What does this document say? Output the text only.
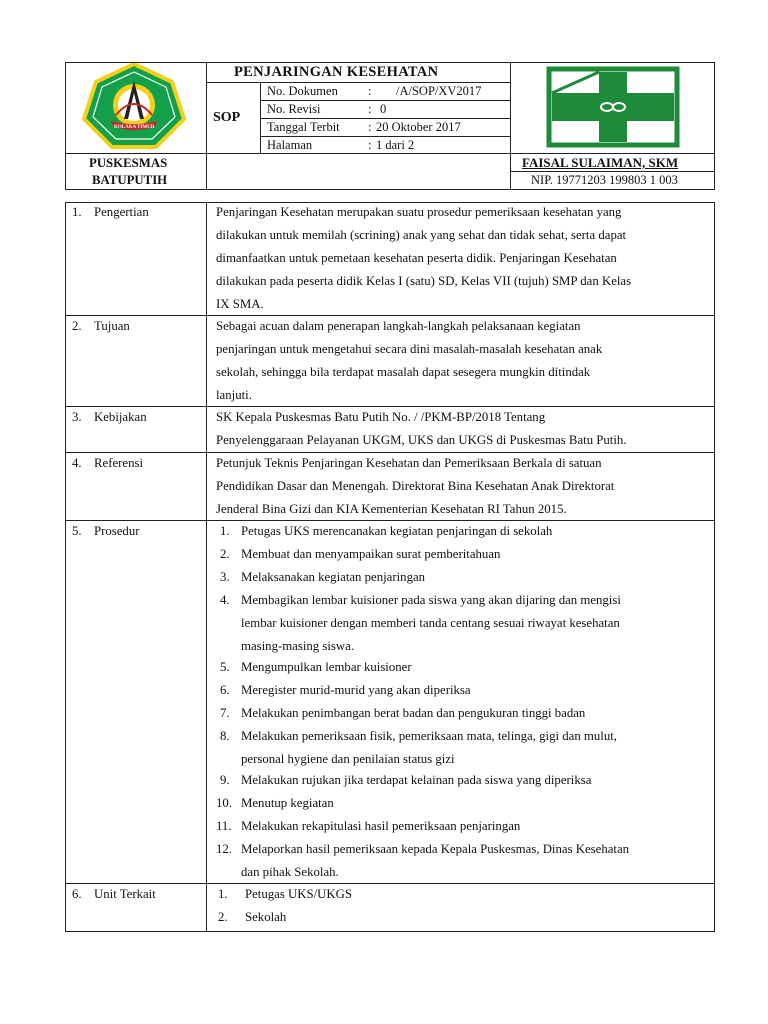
KOLAKA TIMUR
PENJARINGAN KESEHATAN
SOP
No. Dokumen : /A/SOP/XV2017
No. Revisi	: 0
Tanggal Terbit : 20 Oktober 2017
Halaman	: 1 dari 2
PUSKESMAS
BATUPUTIH
FAISAL SULAIMAN, SKM
NIP. 19771203 199803 1 003
1. Pengertian	Penjaringan Kesehatan merupakan suatu prosedur pemeriksaan kesehatan yang
dilakukan untuk memilah (scrining) anak yang sehat dan tidak sehat, serta dapat
dimanfaatkan untuk pemetaan kesehatan peserta didik. Penjaringan Kesehatan
dilakukan pada peserta didik Kelas I (satu) SD, Kelas VII (tujuh) SMP dan Kelas
IX SMA.
2. Tujuan	Sebagai acuan dalam penerapan langkah-langkah pelaksanaan kegiatan
penjaringan untuk mengetahui secara dini masalah-masalah kesehatan anak
sekolah, sehingga bila terdapat masalah dapat sesegera mungkin ditindak
lanjuti.
3. Kebijakan	SK Kepala Puskesmas Batu Putih No. / /PKM-BP/2018 Tentang
Penyelenggaraan Pelayanan UKGM, UKS dan UKGS di Puskesmas Batu Putih.
4. Referensi	Petunjuk Teknis Penjaringan Kesehatan dan Pemeriksaan Berkala di satuan
Pendidikan Dasar dan Menengah. Direktorat Bina Kesehatan Anak Direktorat
Jenderal Bina Gizi dan KIA Kementerian Kesehatan RI Tahun 2015.
5. Prosedur	1. Petugas UKS merencanakan kegiatan penjaringan di sekolah
2. Membuat dan menyampaikan surat pemberitahuan
3. Melaksanakan kegiatan penjaringan
4. Membagikan lembar kuisioner pada siswa yang akan dijaring dan mengisi
lembar kuisioner dengan memberi tanda centang sesuai riwayat kesehatan
masing-masing siswa.
5. Mengumpulkan lembar kuisioner
6. Meregister murid-murid yang akan diperiksa
7. Melakukan penimbangan berat badan dan pengukuran tinggi badan
8. Melakukan pemeriksaan fisik, pemeriksaan mata, telinga, gigi dan mulut,
personal hygiene dan penilaian status gizi
9. Melakukan rujukan jika terdapat kelainan pada siswa yang diperiksa
10. Menutup kegiatan
11. Melakukan rekapitulasi hasil pemeriksaan penjaringan
12. Melaporkan hasil pemeriksaan kepada Kepala Puskesmas, Dinas Kesehatan
dan pihak Sekolah.
6. Unit Terkait	1. Petugas UKS/UKGS
2. Sekolah
